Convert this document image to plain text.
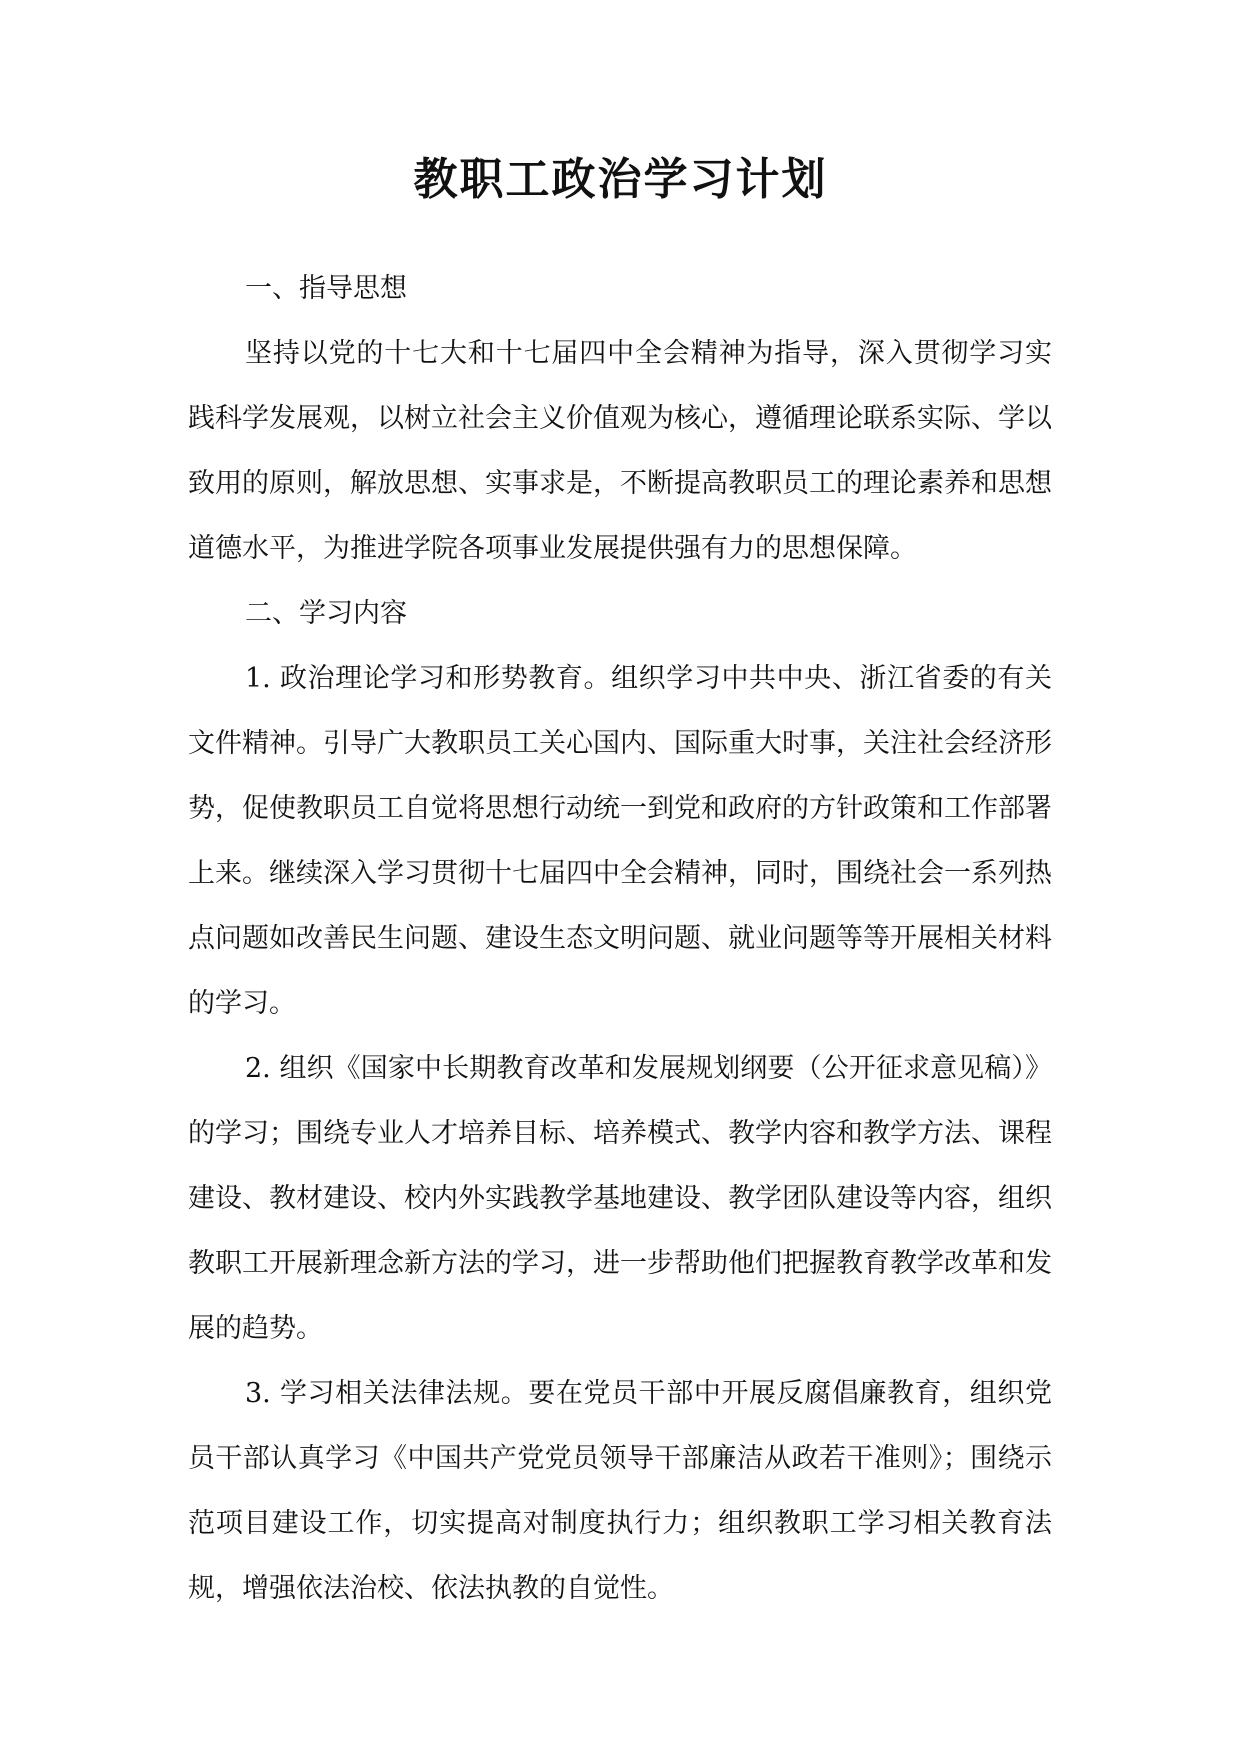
教职工政治学习计划

一、指导思想

坚持以党的十七大和十七届四中全会精神为指导，深入贯彻学习实践科学发展观，以树立社会主义价值观为核心，遵循理论联系实际、学以致用的原则，解放思想、实事求是，不断提高教职员工的理论素养和思想道德水平，为推进学院各项事业发展提供强有力的思想保障。

二、学习内容

1. 政治理论学习和形势教育。组织学习中共中央、浙江省委的有关文件精神。引导广大教职员工关心国内、国际重大时事，关注社会经济形势，促使教职员工自觉将思想行动统一到党和政府的方针政策和工作部署上来。继续深入学习贯彻十七届四中全会精神，同时，围绕社会一系列热点问题如改善民生问题、建设生态文明问题、就业问题等等开展相关材料的学习。

2. 组织《国家中长期教育改革和发展规划纲要（公开征求意见稿）》的学习；围绕专业人才培养目标、培养模式、教学内容和教学方法、课程建设、教材建设、校内外实践教学基地建设、教学团队建设等内容，组织教职工开展新理念新方法的学习，进一步帮助他们把握教育教学改革和发展的趋势。

3. 学习相关法律法规。要在党员干部中开展反腐倡廉教育，组织党员干部认真学习《中国共产党党员领导干部廉洁从政若干准则》；围绕示范项目建设工作，切实提高对制度执行力；组织教职工学习相关教育法规，增强依法治校、依法执教的自觉性。
